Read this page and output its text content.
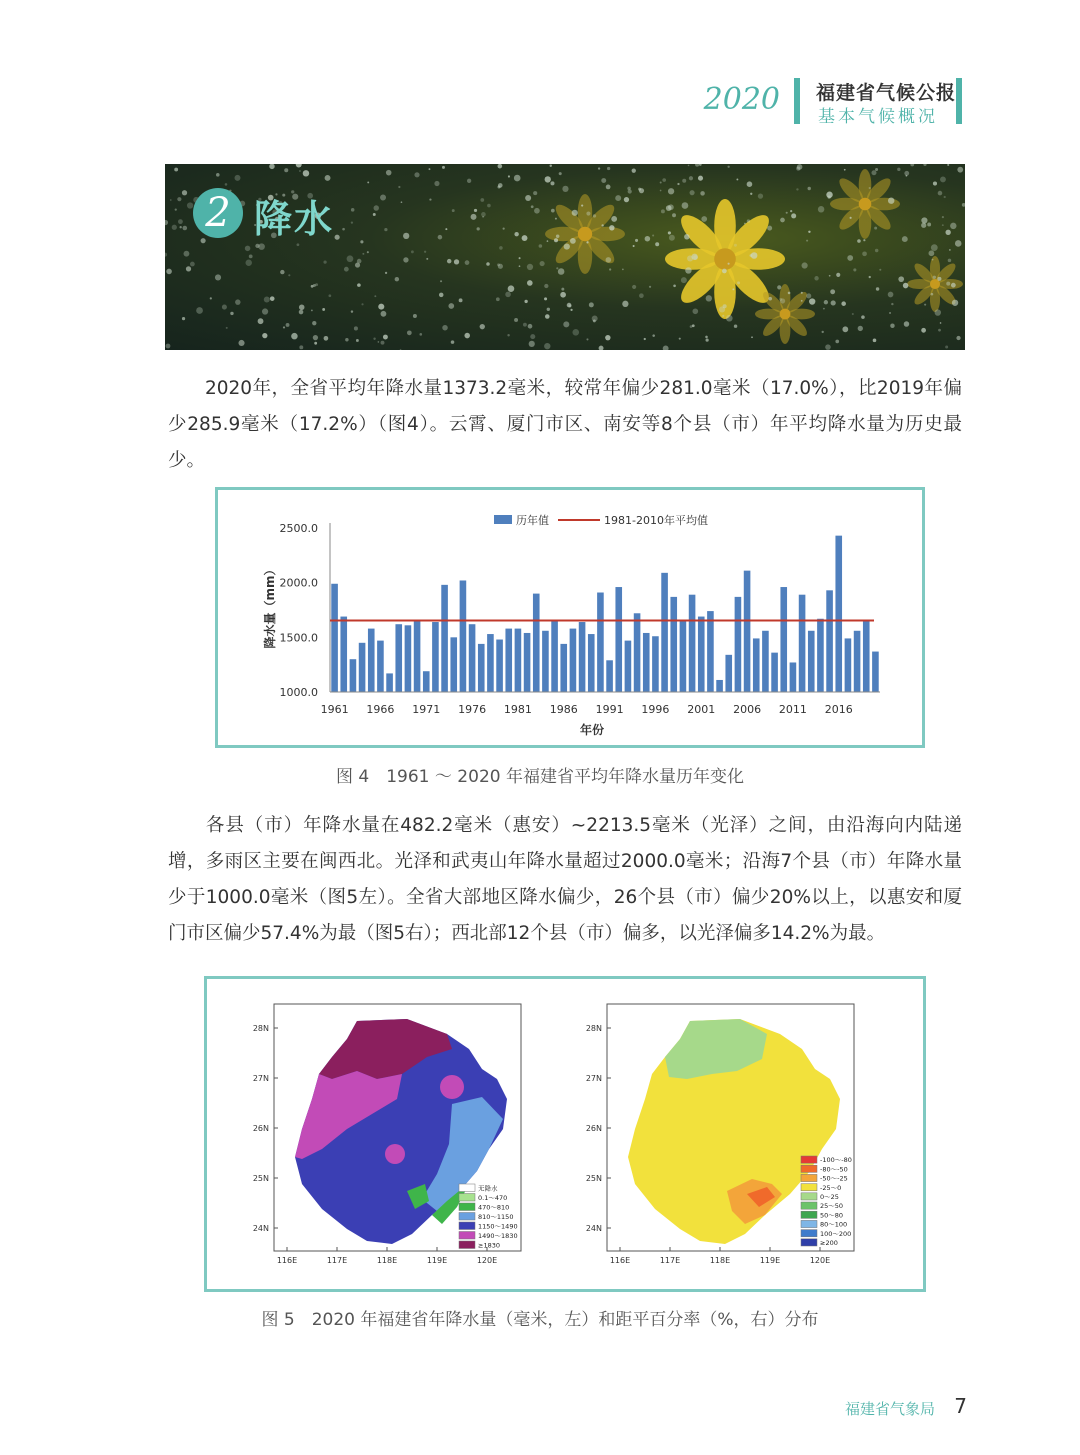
2020 福建省气候公报
基本气候概况
2 降水
2020年，全省平均年降水量1373.2毫米，较常年偏少281.0毫米（17.0%），比2019年偏少285.9毫米（17.2%）（图4）。云霄、厦门市区、南安等8个县（市）年平均降水量为历史最少。
2500.0
2000.0
1500.0
1000.0
1961 1966 1971 1976 1981 1986 1991 1996 2001 2006 2011 2016
历年值	1981-2010年平均值
年份
降水量（mm）
图 4　1961 ～ 2020 年福建省平均年降水量历年变化
各县（市）年降水量在482.2毫米（惠安）~2213.5毫米（光泽）之间，由沿海向内陆递增，多雨区主要在闽西北。光泽和武夷山年降水量超过2000.0毫米；沿海7个县（市）年降水量少于1000.0毫米（图5左）。全省大部地区降水偏少，26个县（市）偏少20%以上，以惠安和厦门市区偏少57.4%为最（图5右）；西北部12个县（市）偏多，以光泽偏多14.2%为最。
28N
27N
26N
25N
24N
116E	117E	118E	119E	120E
无降水
0.1～470
470～810
810～1150
1150～1490
1490～1830
≥1830
28N
27N
26N
25N
24N
116E	117E	118E	119E	120E
-100～-80
-80～-50
-50～-25
-25～0
0～25
25～50
50～80
80～100
100～200
≥200
图 5　2020 年福建省年降水量（毫米，左）和距平百分率（%，右）分布
福建省气象局 7
